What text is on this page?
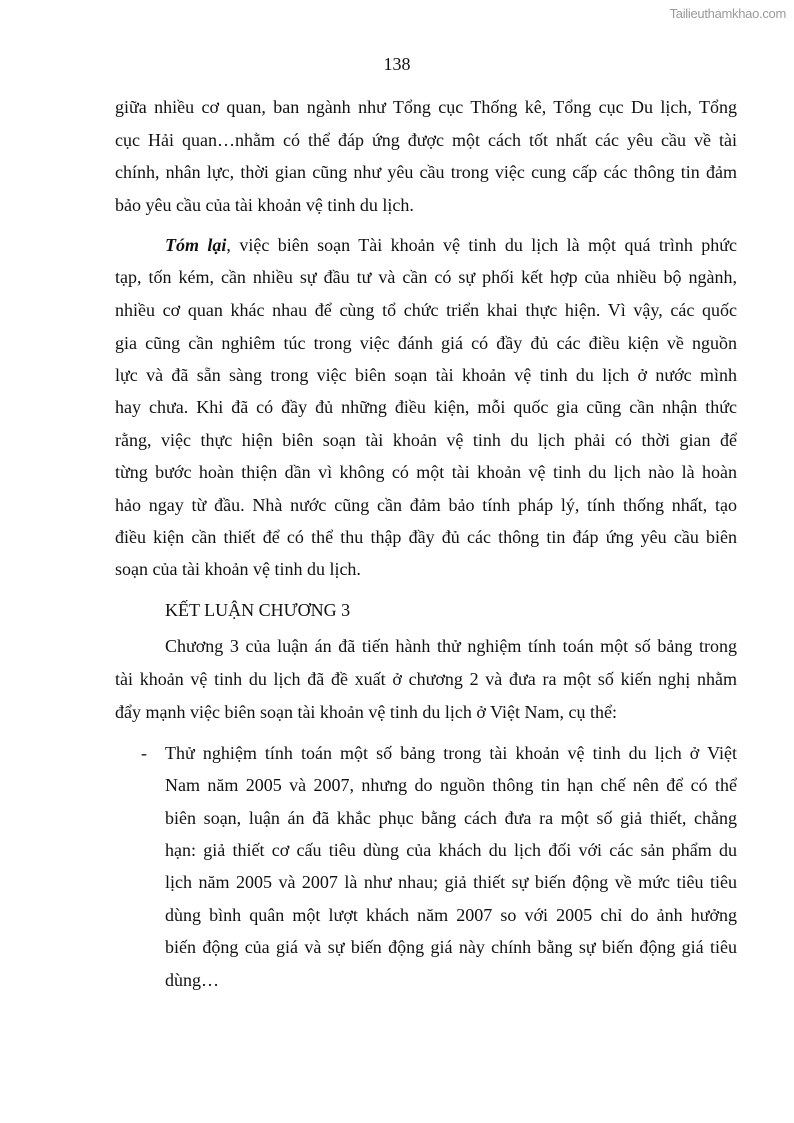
Tailieuthamkhao.com
138
giữa nhiều cơ quan, ban ngành như Tổng cục Thống kê, Tổng cục Du lịch, Tổng
cục Hải quan…nhằm có thể đáp ứng được một cách tốt nhất các yêu cầu về tài
chính, nhân lực, thời gian cũng như yêu cầu trong việc cung cấp các thông tin đảm
bảo yêu cầu của tài khoản vệ tinh du lịch.
Tóm lại, việc biên soạn Tài khoản vệ tinh du lịch là một quá trình phức
tạp, tốn kém, cần nhiều sự đầu tư và cần có sự phối kết hợp của nhiều bộ ngành,
nhiều cơ quan khác nhau để cùng tổ chức triển khai thực hiện. Vì vậy, các quốc
gia cũng cần nghiêm túc trong việc đánh giá có đầy đủ các điều kiện về nguồn
lực và đã sẵn sàng trong việc biên soạn tài khoản vệ tinh du lịch ở nước mình
hay chưa. Khi đã có đầy đủ những điều kiện, mỗi quốc gia cũng cần nhận thức
rằng, việc thực hiện biên soạn tài khoản vệ tinh du lịch phải có thời gian để
từng bước hoàn thiện dần vì không có một tài khoản vệ tinh du lịch nào là hoàn
hảo ngay từ đầu. Nhà nước cũng cần đảm bảo tính pháp lý, tính thống nhất, tạo
điều kiện cần thiết để có thể thu thập đầy đủ các thông tin đáp ứng yêu cầu biên
soạn của tài khoản vệ tinh du lịch.
KẾT LUẬN CHƯƠNG 3
Chương 3 của luận án đã tiến hành thử nghiệm tính toán một số bảng trong
tài khoản vệ tinh du lịch đã đề xuất ở chương 2 và đưa ra một số kiến nghị nhằm
đẩy mạnh việc biên soạn tài khoản vệ tinh du lịch ở Việt Nam, cụ thể:
- Thử nghiệm tính toán một số bảng trong tài khoản vệ tinh du lịch ở Việt
Nam năm 2005 và 2007, nhưng do nguồn thông tin hạn chế nên để có thể
biên soạn, luận án đã khắc phục bằng cách đưa ra một số giả thiết, chẳng
hạn: giả thiết cơ cấu tiêu dùng của khách du lịch đối với các sản phẩm du
lịch năm 2005 và 2007 là như nhau; giả thiết sự biến động về mức tiêu tiêu
dùng bình quân một lượt khách năm 2007 so với 2005 chỉ do ảnh hưởng
biến động của giá và sự biến động giá này chính bằng sự biến động giá tiêu
dùng…
